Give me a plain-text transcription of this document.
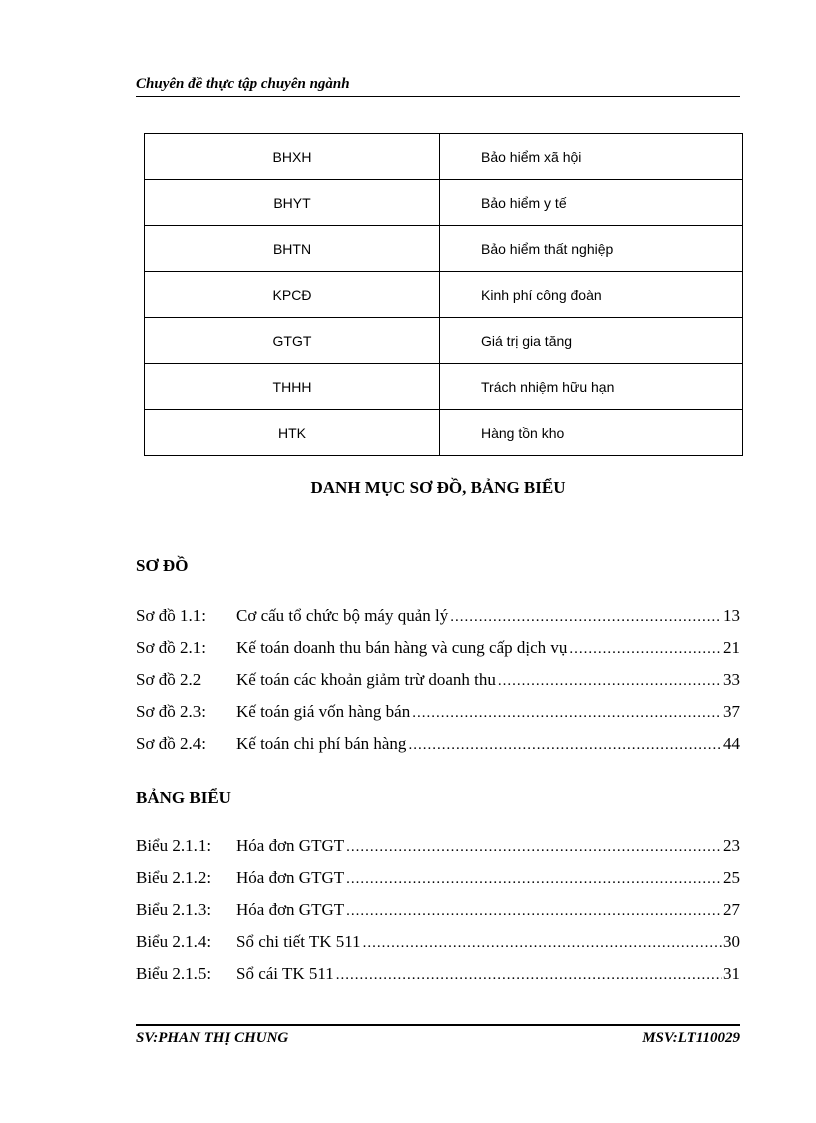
Chuyên đề thực tập chuyên ngành
BHXH	Bảo hiểm xã hội
BHYT	Bảo hiểm y tế
BHTN	Bảo hiểm thất nghiệp
KPCĐ	Kinh phí công đoàn
GTGT	Giá trị gia tăng
THHH	Trách nhiệm hữu hạn
HTK	Hàng tồn kho
DANH MỤC SƠ ĐỒ, BẢNG BIỂU
SƠ ĐỒ
Sơ đồ 1.1:	Cơ cấu tổ chức bộ máy quản lý .....	13
Sơ đồ 2.1:	Kế toán doanh thu bán hàng và cung cấp dịch vụ .....	21
Sơ đồ 2.2	Kế toán các khoản giảm trừ doanh thu .....	33
Sơ đồ 2.3:	Kế toán giá vốn hàng bán .....	37
Sơ đồ 2.4:	Kế toán chi phí bán hàng .....	44
BẢNG BIỂU
Biểu 2.1.1:	Hóa đơn GTGT .....	23
Biểu 2.1.2:	Hóa đơn GTGT .....	25
Biểu 2.1.3:	Hóa đơn GTGT .....	27
Biểu 2.1.4:	Sổ chi tiết TK 511 .....	30
Biểu 2.1.5:	Sổ cái TK 511 .....	31
SV:PHAN THỊ CHUNG	MSV:LT110029
